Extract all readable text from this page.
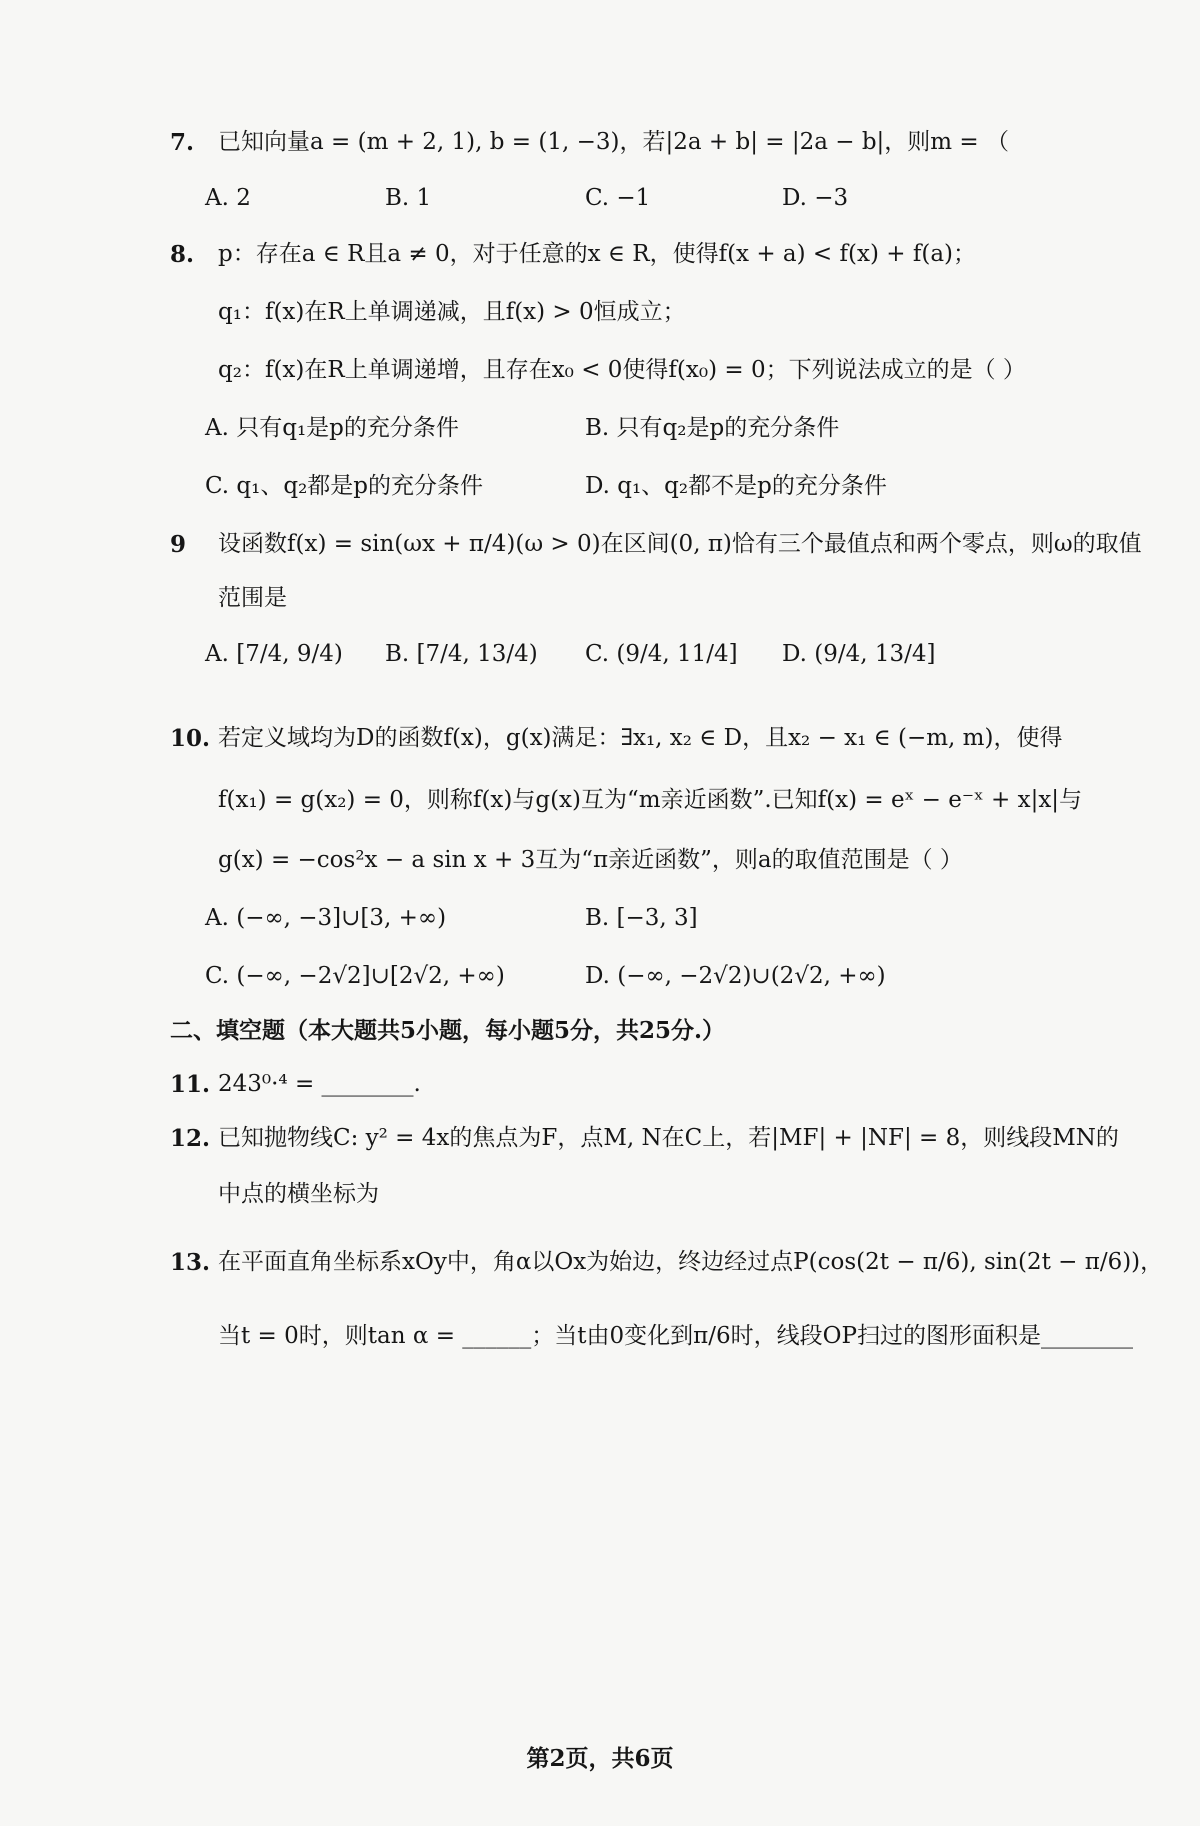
7. 已知向量a = (m + 2, 1), b = (1, −3)，若|2a + b| = |2a − b|，则m = （
A. 2	B. 1	C. −1	D. −3
8. p：存在a ∈ R且a ≠ 0，对于任意的x ∈ R，使得f(x + a) < f(x) + f(a)；
q₁：f(x)在R上单调递减，且f(x) > 0恒成立；
q₂：f(x)在R上单调递增，且存在x₀ < 0使得f(x₀) = 0；下列说法成立的是（ ）
A. 只有q₁是p的充分条件	B. 只有q₂是p的充分条件
C. q₁、q₂都是p的充分条件	D. q₁、q₂都不是p的充分条件
9 设函数f(x) = sin(ωx + π/4)(ω > 0)在区间(0, π)恰有三个最值点和两个零点，则ω的取值
范围是
A. [7/4, 9/4) B. [7/4, 13/4) C. (9/4, 11/4] D. (9/4, 13/4]
10. 若定义域均为D的函数f(x)，g(x)满足：∃x₁, x₂ ∈ D，且x₂ − x₁ ∈ (−m, m)，使得
f(x₁) = g(x₂) = 0，则称f(x)与g(x)互为“m亲近函数”.已知f(x) = eˣ − e⁻ˣ + x|x|与
g(x) = −cos²x − a sin x + 3互为“π亲近函数”，则a的取值范围是（ ）
A. (−∞, −3]∪[3, +∞)	B. [−3, 3]
C. (−∞, −2√2]∪[2√2, +∞)	D. (−∞, −2√2)∪(2√2, +∞)
二、填空题（本大题共5小题，每小题5分，共25分.）
11. 243⁰·⁴ = ________.
12. 已知抛物线C: y² = 4x的焦点为F，点M, N在C上，若|MF| + |NF| = 8，则线段MN的
中点的横坐标为
13. 在平面直角坐标系xOy中，角α以Ox为始边，终边经过点P(cos(2t − π/6), sin(2t − π/6))，
当t = 0时，则tan α = ______；当t由0变化到π/6时，线段OP扫过的图形面积是________
第2页，共6页
